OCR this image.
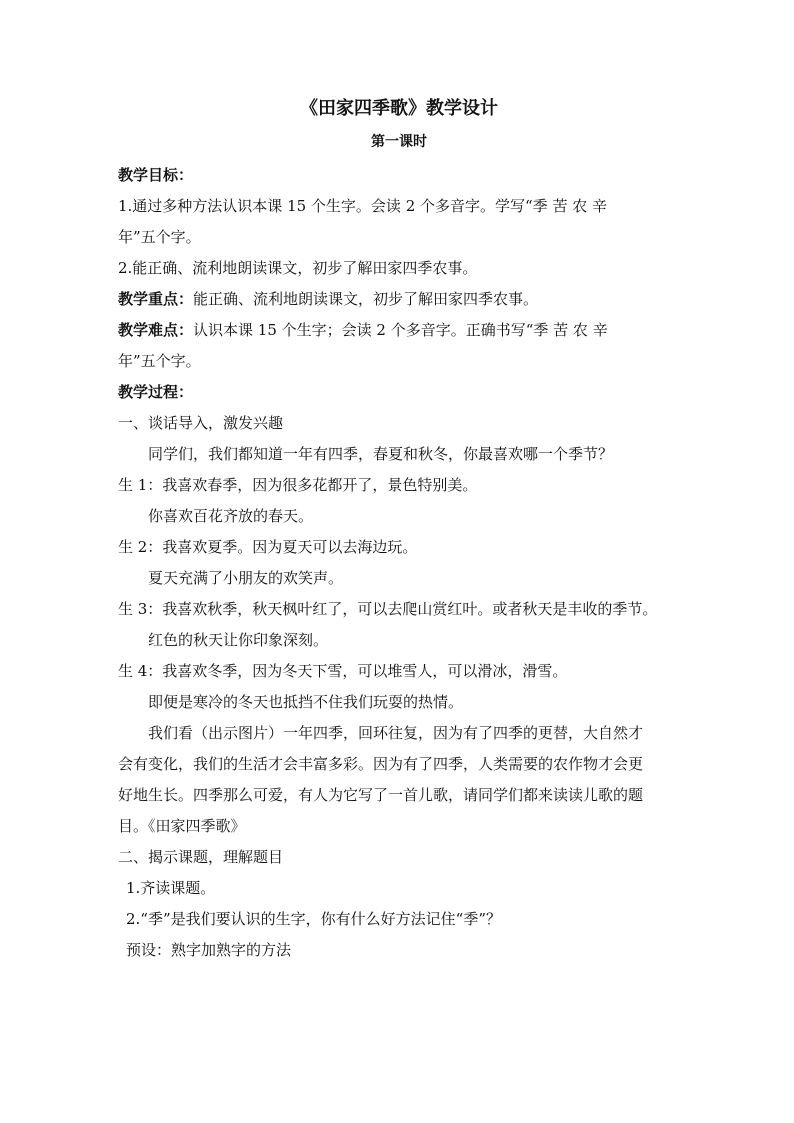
《田家四季歌》教学设计
第一课时
教学目标：
1.通过多种方法认识本课 15 个生字。会读 2 个多音字。学写“季 苦 农 辛
年”五个字。
2.能正确、流利地朗读课文，初步了解田家四季农事。
教学重点：能正确、流利地朗读课文，初步了解田家四季农事。
教学难点：认识本课 15 个生字；会读 2 个多音字。正确书写“季 苦 农 辛
年”五个字。
教学过程：
一、谈话导入，激发兴趣
同学们，我们都知道一年有四季，春夏和秋冬，你最喜欢哪一个季节？
生 1：我喜欢春季，因为很多花都开了，景色特别美。
你喜欢百花齐放的春天。
生 2：我喜欢夏季。因为夏天可以去海边玩。
夏天充满了小朋友的欢笑声。
生 3：我喜欢秋季，秋天枫叶红了，可以去爬山赏红叶。或者秋天是丰收的季节。
红色的秋天让你印象深刻。
生 4：我喜欢冬季，因为冬天下雪，可以堆雪人，可以滑冰，滑雪。
即便是寒冷的冬天也抵挡不住我们玩耍的热情。
我们看（出示图片）一年四季，回环往复，因为有了四季的更替，大自然才
会有变化，我们的生活才会丰富多彩。因为有了四季，人类需要的农作物才会更
好地生长。四季那么可爱，有人为它写了一首儿歌，请同学们都来读读儿歌的题
目。《田家四季歌》
二、揭示课题，理解题目
1.齐读课题。
2.“季”是我们要认识的生字，你有什么好方法记住“季”？
预设：熟字加熟字的方法
